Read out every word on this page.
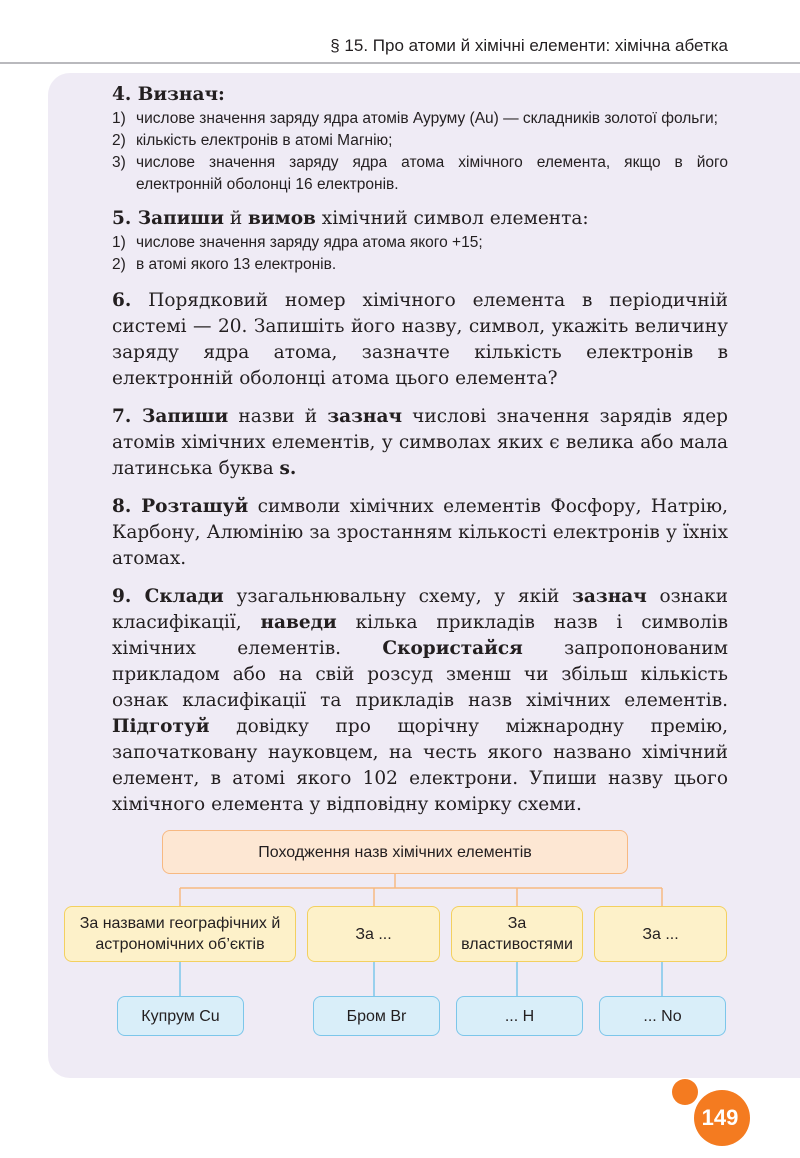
§ 15. Про атоми й хімічні елементи: хімічна абетка
4. Визнач:
1) числове значення заряду ядра атомів Ауруму (Au) — складників золотої фольги;
2) кількість електронів в атомі Магнію;
3) числове значення заряду ядра атома хімічного елемента, якщо в його електронній оболонці 16 електронів.
5. Запиши й вимов хімічний символ елемента:
1) числове значення заряду ядра атома якого +15;
2) в атомі якого 13 електронів.

6. Порядковий номер хімічного елемента в періодичній системі — 20. Запишіть його назву, символ, укажіть величину заряду ядра атома, зазначте кількість електронів в електронній оболонці атома цього елемента?

7. Запиши назви й зазнач числові значення зарядів ядер атомів хімічних елементів, у символах яких є велика або мала латинська буква s.

8. Розташуй символи хімічних елементів Фосфору, Натрію, Карбону, Алюмінію за зростанням кількості електронів у їхніх атомах.

9. Склади узагальнювальну схему, у якій зазнач ознаки класифікації, наведи кілька прикладів назв і символів хімічних елементів. Скористайся запропонованим прикладом або на свій розсуд зменш чи збільш кількість ознак класифікації та прикладів назв хімічних елементів. Підготуй довідку про щорічну міжнародну премію, започатковану науковцем, на честь якого названо хімічний елемент, в атомі якого 102 електрони. Упиши назву цього хімічного елемента у відповідну комірку схеми.

Походження назв хімічних елементів
За назвами географічних й астрономічних об’єктів
За ...
За властивостями
За ...
Купрум Cu	Бром Br	... H	... No
149
